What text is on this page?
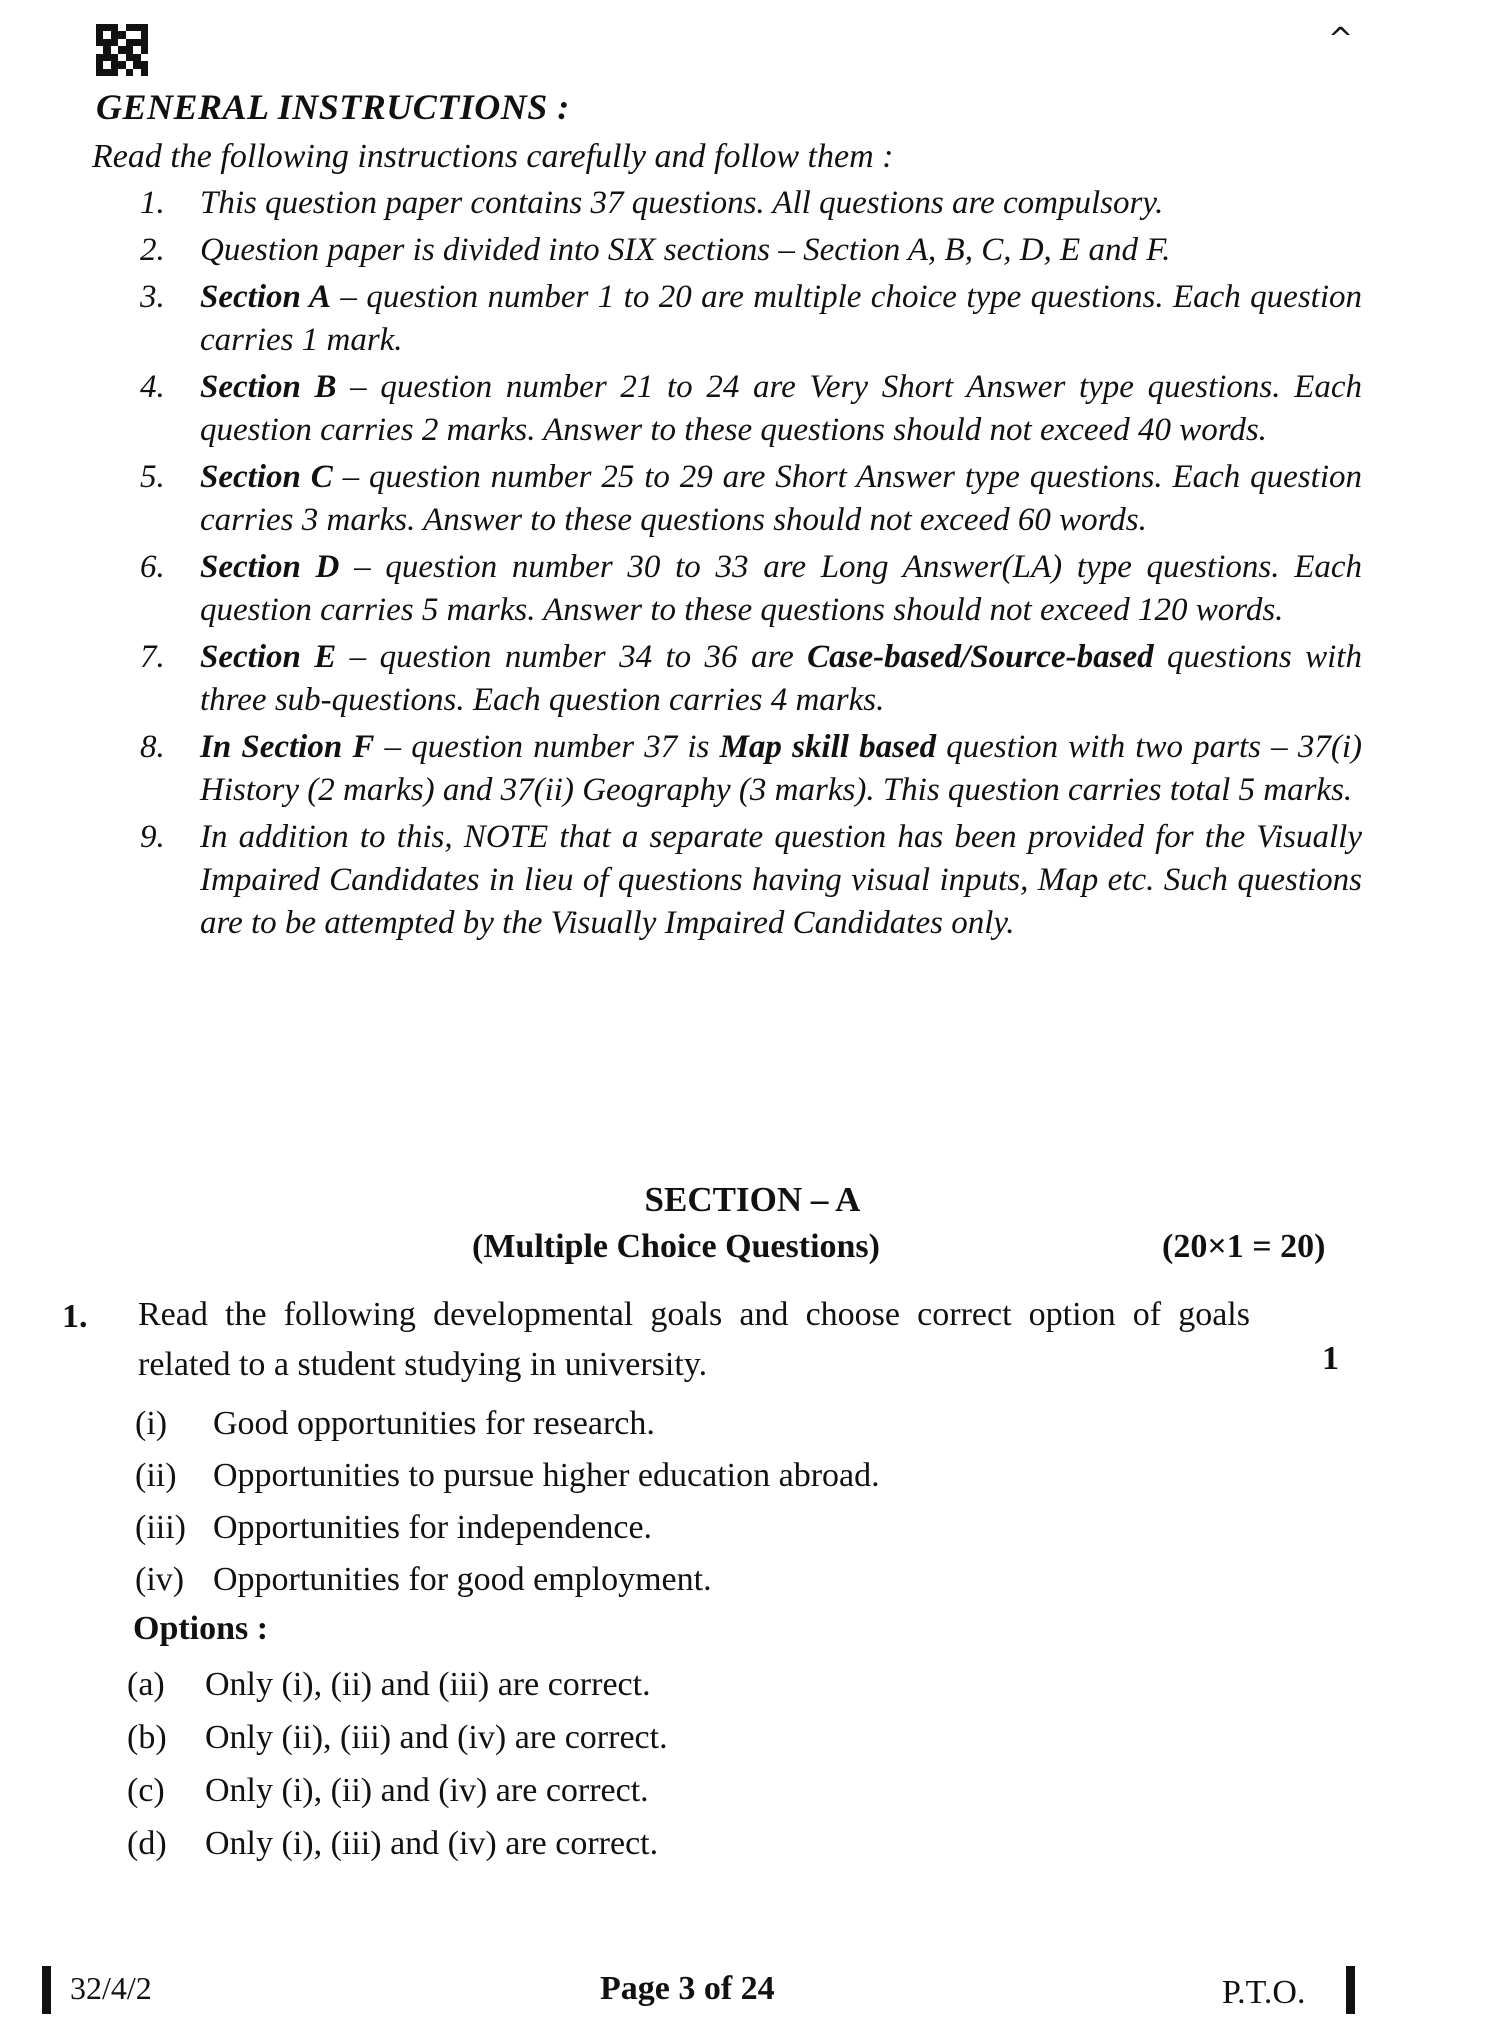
^
GENERAL INSTRUCTIONS :
Read the following instructions carefully and follow them :
1.	This question paper contains 37 questions. All questions are compulsory.
2.	Question paper is divided into SIX sections – Section A, B, C, D, E and F.
3.	Section A – question number 1 to 20 are multiple choice type questions. Each question carries 1 mark.
4.	Section B – question number 21 to 24 are Very Short Answer type questions. Each question carries 2 marks. Answer to these questions should not exceed 40 words.
5.	Section C – question number 25 to 29 are Short Answer type questions. Each question carries 3 marks. Answer to these questions should not exceed 60 words.
6.	Section D – question number 30 to 33 are Long Answer(LA) type questions. Each question carries 5 marks. Answer to these questions should not exceed 120 words.
7.	Section E – question number 34 to 36 are Case-based/Source-based questions with three sub-questions. Each question carries 4 marks.
8.	In Section F – question number 37 is Map skill based question with two parts – 37(i) History (2 marks) and 37(ii) Geography (3 marks). This question carries total 5 marks.
9.	In addition to this, NOTE that a separate question has been provided for the Visually Impaired Candidates in lieu of questions having visual inputs, Map etc. Such questions are to be attempted by the Visually Impaired Candidates only.
SECTION – A
(Multiple Choice Questions)	(20×1 = 20)
1. Read the following developmental goals and choose correct option of goals related to a student studying in university.	1
(i)	Good opportunities for research.
(ii)	Opportunities to pursue higher education abroad.
(iii) Opportunities for independence.
(iv) Opportunities for good employment.
Options :
(a)	Only (i), (ii) and (iii) are correct.
(b)	Only (ii), (iii) and (iv) are correct.
(c)	Only (i), (ii) and (iv) are correct.
(d)	Only (i), (iii) and (iv) are correct.
32/4/2	Page 3 of 24	P.T.O.
